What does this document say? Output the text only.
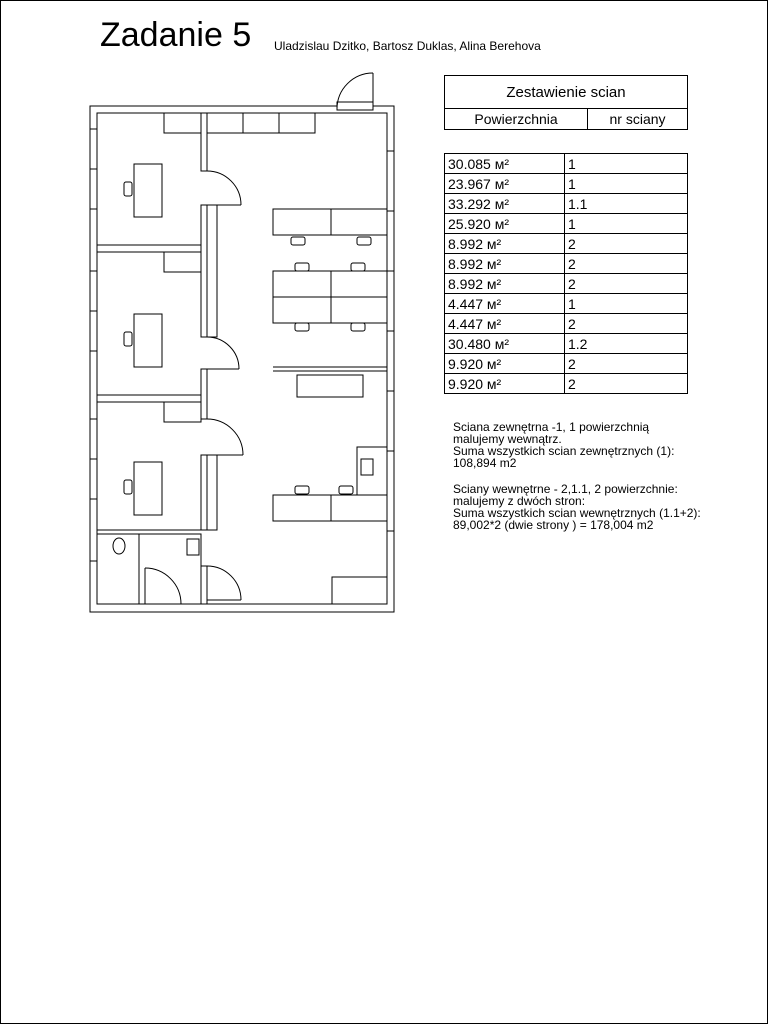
Zadanie 5 Uladzislau Dzitko, Bartosz Duklas, Alina Berehova
Zestawienie scian
Powierzchnia	nr sciany
30.085 м²	1
23.967 м²	1
33.292 м²	1.1
25.920 м²	1
8.992 м²	2
8.992 м²	2
8.992 м²	2
4.447 м²	1
4.447 м²	2
30.480 м²	1.2
9.920 м²	2
9.920 м²	2

Sciana zewnętrna -1, 1 powierzchnią
malujemy wewnątrz.
Suma wszystkich scian zewnętrznych (1):
108,894 m2

Sciany wewnętrne - 2,1.1, 2 powierzchnie:
malujemy z dwóch stron:
Suma wszystkich scian wewnętrznych (1.1+2):
89,002*2 (dwie strony ) = 178,004 m2
